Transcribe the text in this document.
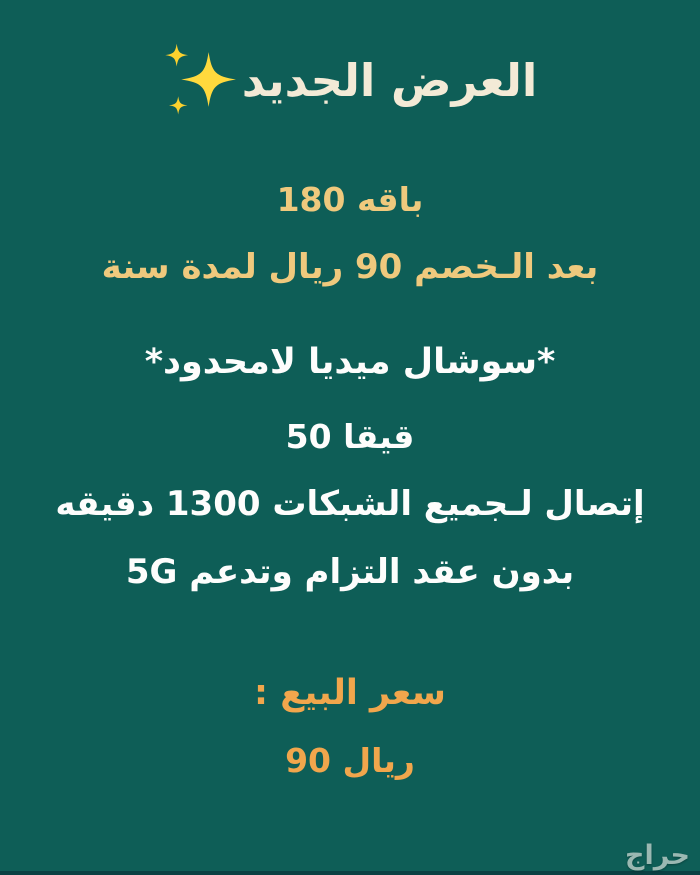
العرض الجديد

باقه 180

بعد الـخصم 90 ريال لمدة سنة

*سوشال ميديا لامحدود*

50 قيقا

إتصال لـجميع الشبكات 1300 دقيقه

بدون عقد التزام وتدعم 5G

سعر البيع :

90 ريال

حراج
